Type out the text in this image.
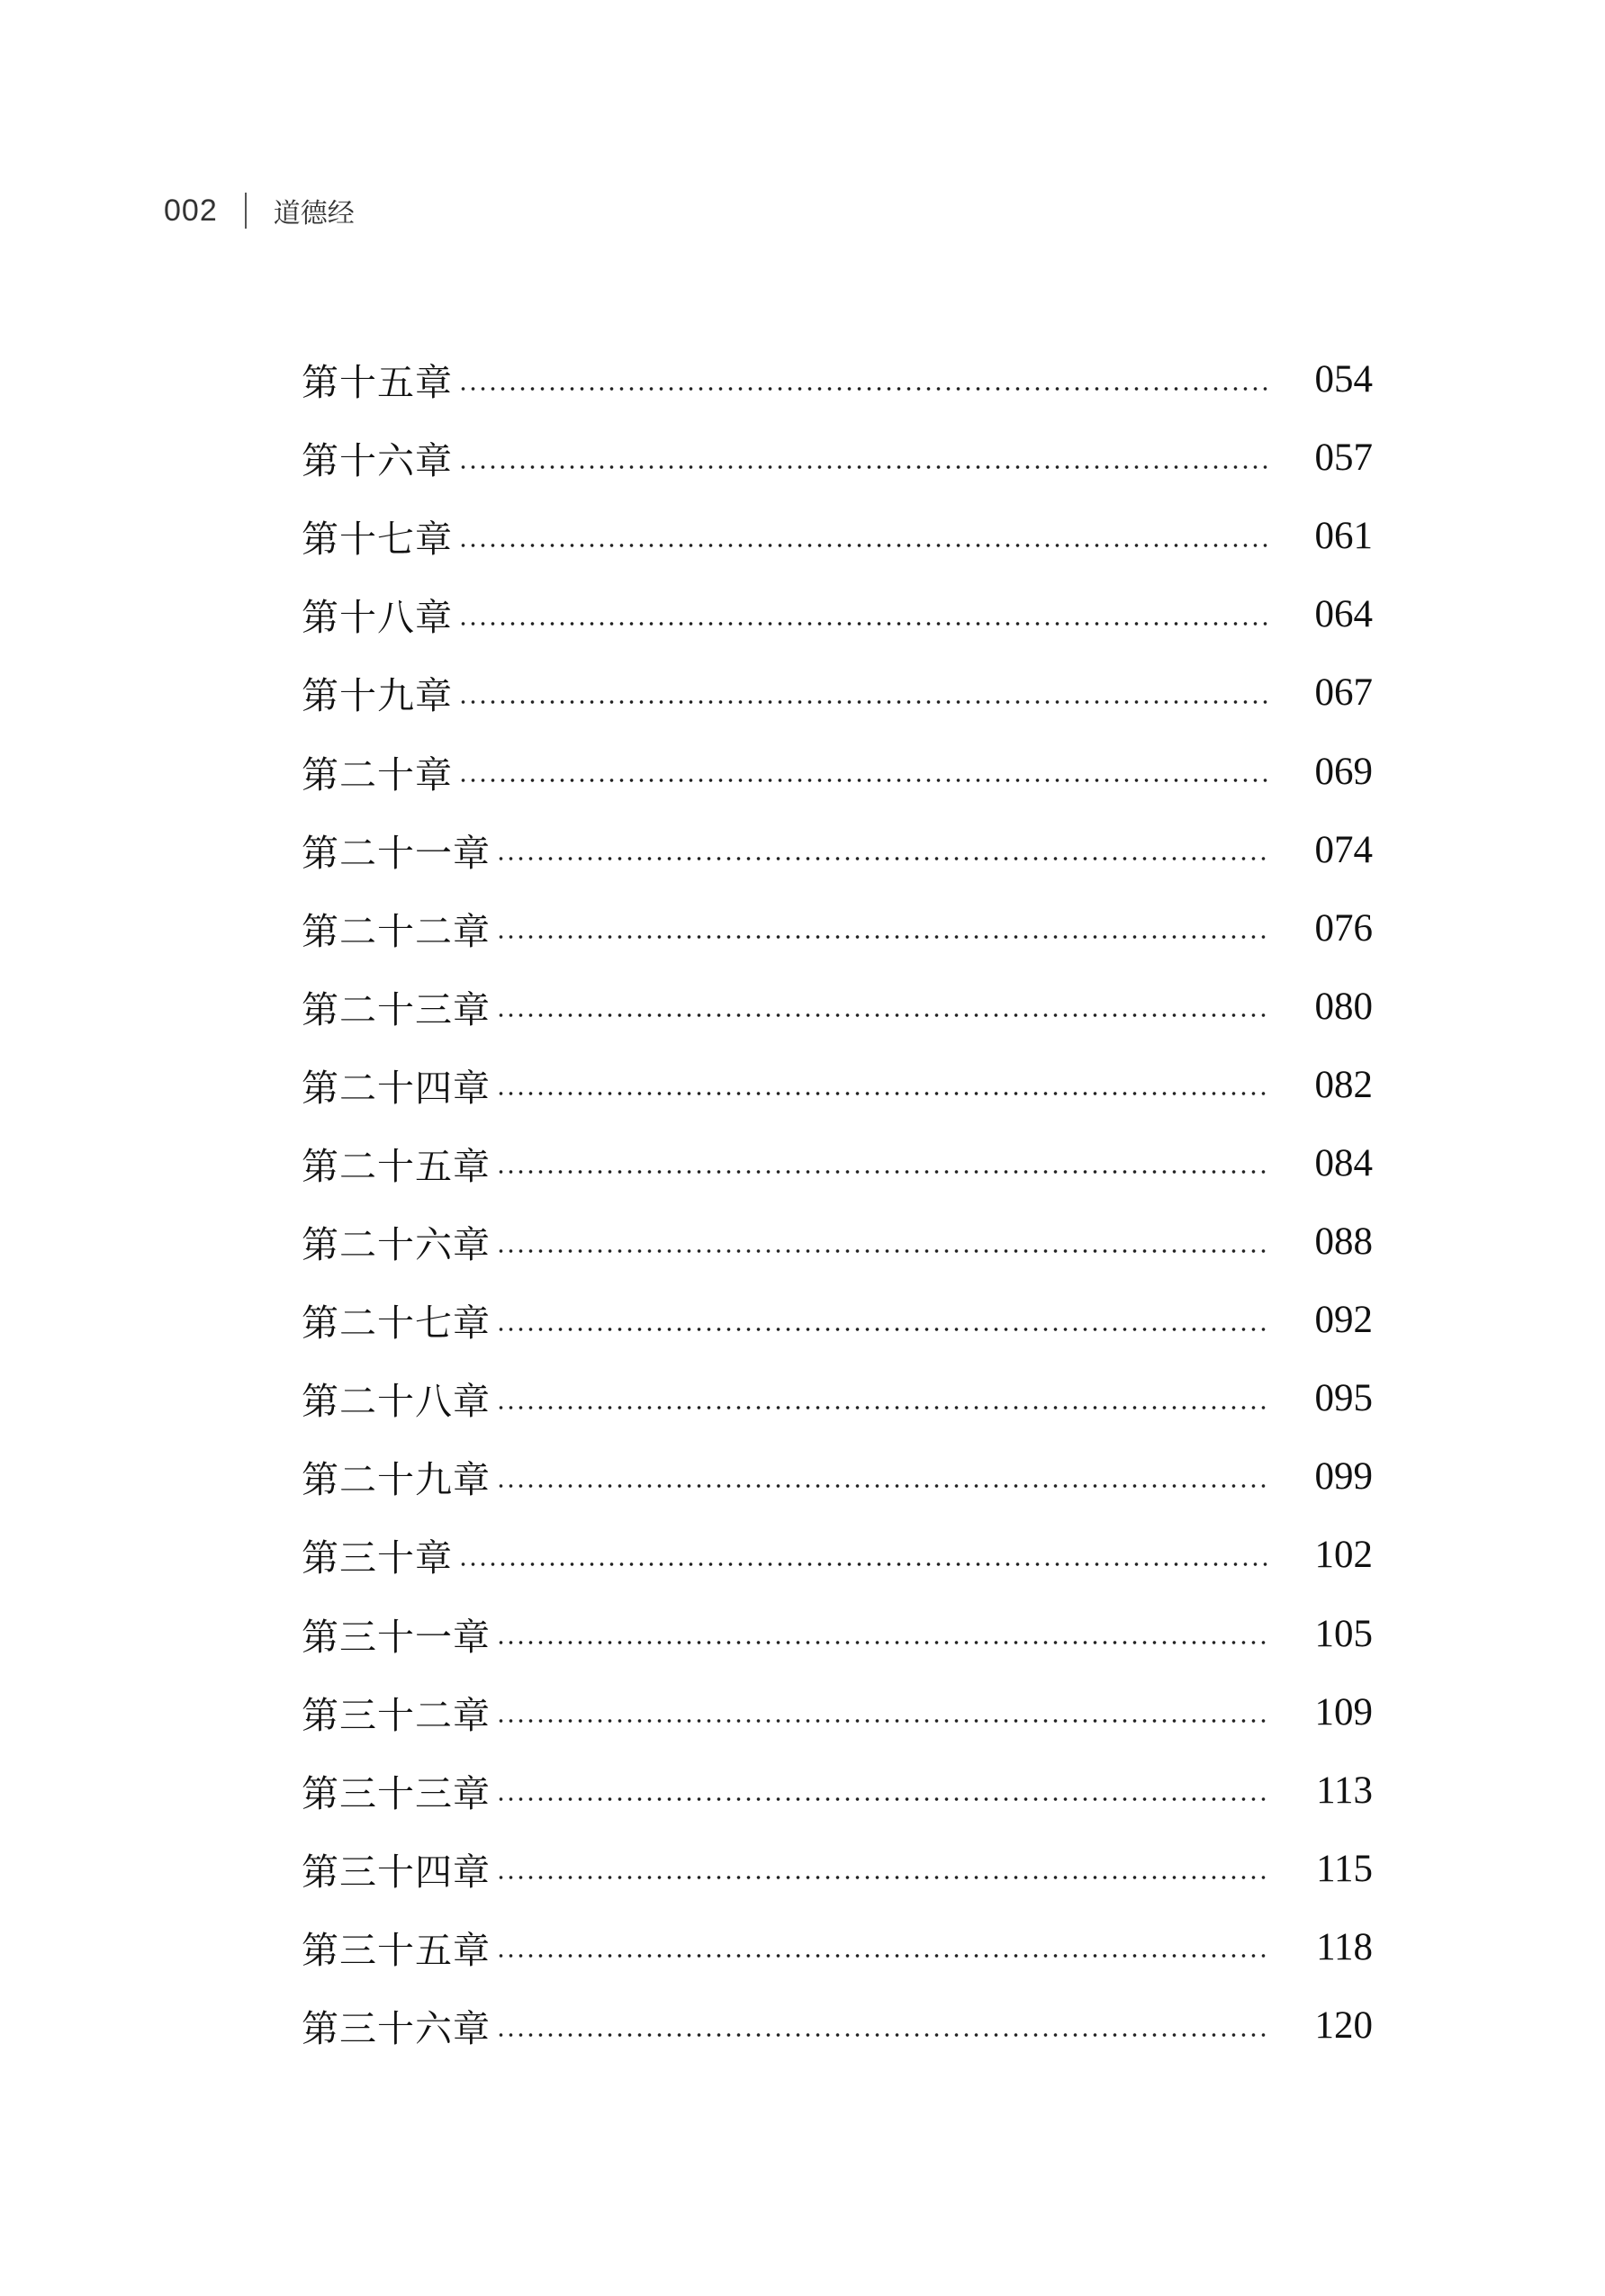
002 道德经
第十五章	054
第十六章	057
第十七章	061
第十八章	064
第十九章	067
第二十章	069
第二十一章	074
第二十二章	076
第二十三章	080
第二十四章	082
第二十五章	084
第二十六章	088
第二十七章	092
第二十八章	095
第二十九章	099
第三十章	102
第三十一章	105
第三十二章	109
第三十三章	113
第三十四章	115
第三十五章	118
第三十六章	120
